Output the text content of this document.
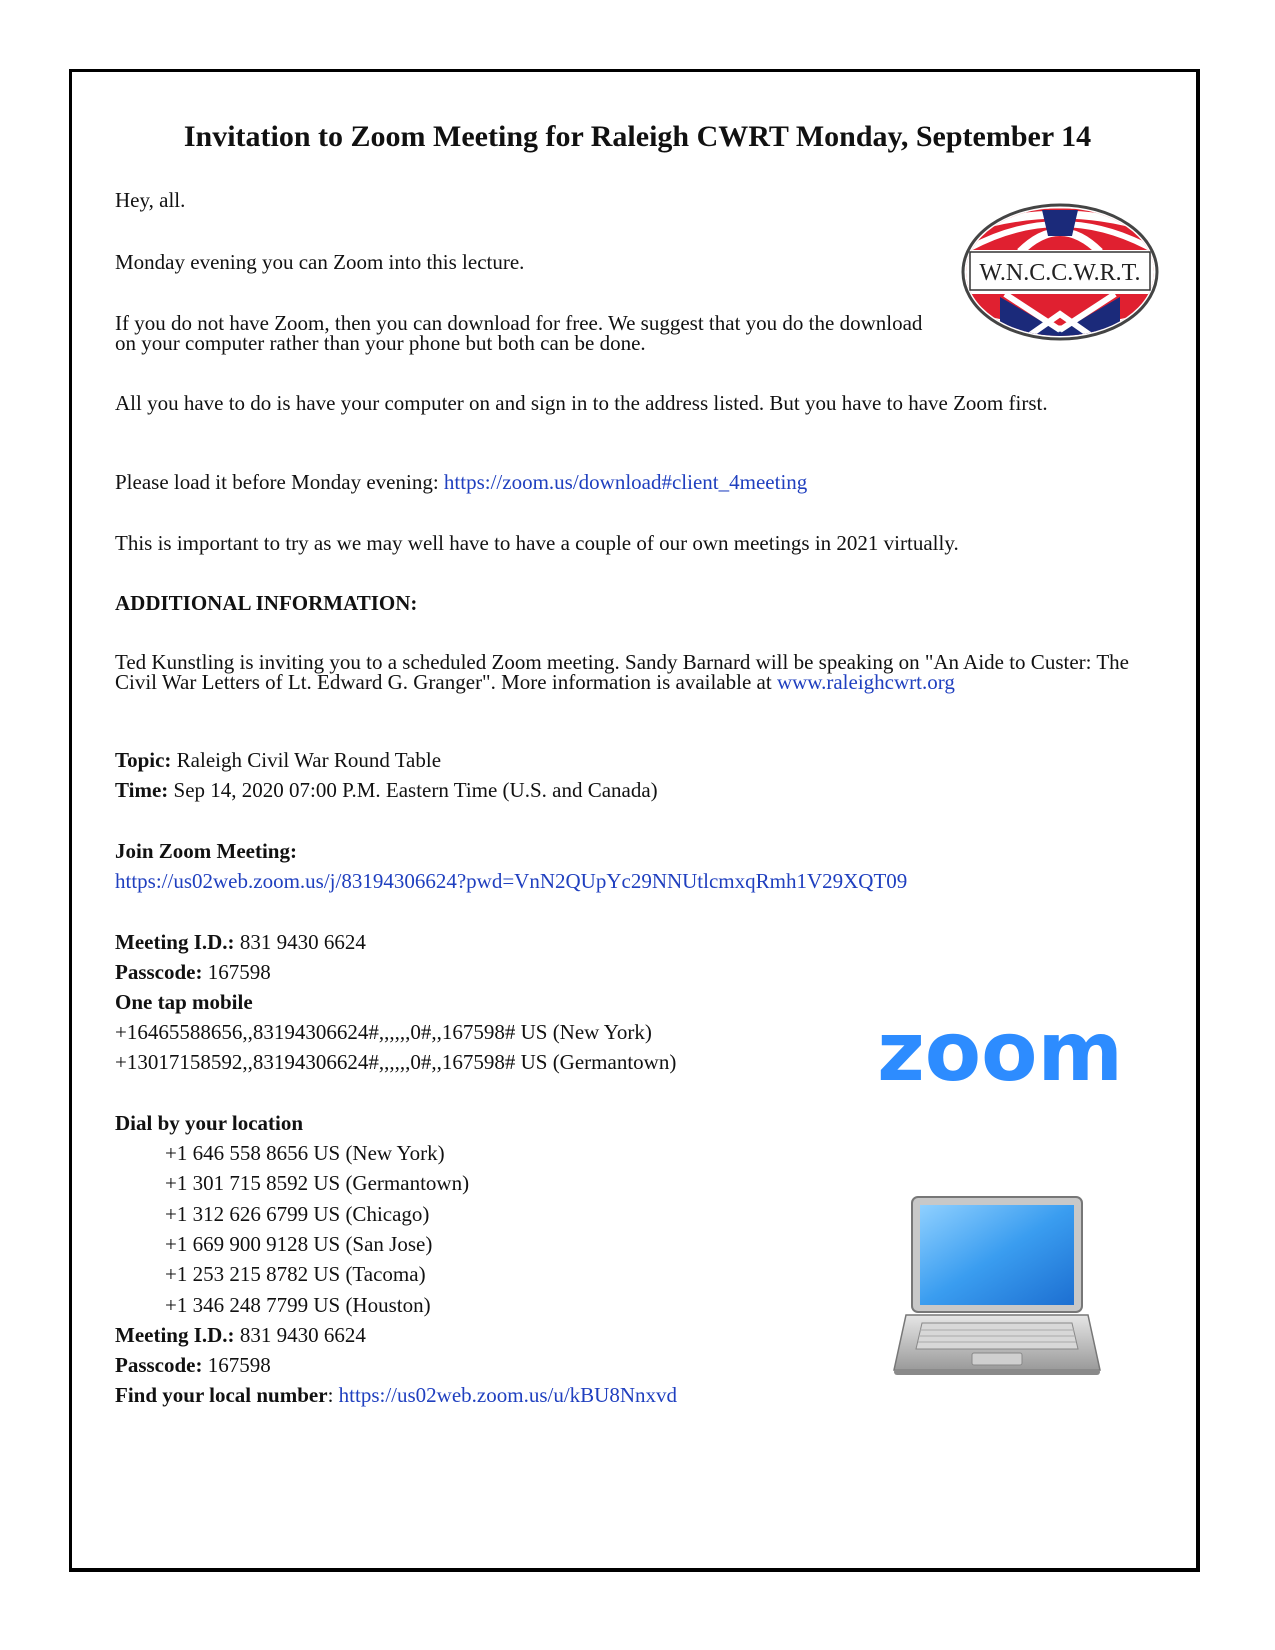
Invitation to Zoom Meeting for Raleigh CWRT Monday, September 14
Hey, all.
Monday evening you can Zoom into this lecture.
If you do not have Zoom, then you can download for free. We suggest that you do the download on your computer rather than your phone but both can be done.
All you have to do is have your computer on and sign in to the address listed. But you have to have Zoom first.
Please load it before Monday evening: https://zoom.us/download#client_4meeting
This is important to try as we may well have to have a couple of our own meetings in 2021 virtually.
ADDITIONAL INFORMATION:
Ted Kunstling is inviting you to a scheduled Zoom meeting. Sandy Barnard will be speaking on "An Aide to Custer: The Civil War Letters of Lt. Edward G. Granger". More information is available at www.raleighcwrt.org
Topic: Raleigh Civil War Round Table
Time: Sep 14, 2020 07:00 P.M. Eastern Time (U.S. and Canada)
Join Zoom Meeting:
https://us02web.zoom.us/j/83194306624?pwd=VnN2QUpYc29NNUtlcmxqRmh1V29XQT09
Meeting I.D.: 831 9430 6624
Passcode: 167598
One tap mobile
+16465588656,,83194306624#,,,,,,0#,,167598# US (New York)
+13017158592,,83194306624#,,,,,,0#,,167598# US (Germantown)
Dial by your location
+1 646 558 8656 US (New York)
+1 301 715 8592 US (Germantown)
+1 312 626 6799 US (Chicago)
+1 669 900 9128 US (San Jose)
+1 253 215 8782 US (Tacoma)
+1 346 248 7799 US (Houston)
Meeting I.D.: 831 9430 6624
Passcode: 167598
Find your local number: https://us02web.zoom.us/u/kBU8Nnxvd
W.N.C.C.W.R.T.
zoom
